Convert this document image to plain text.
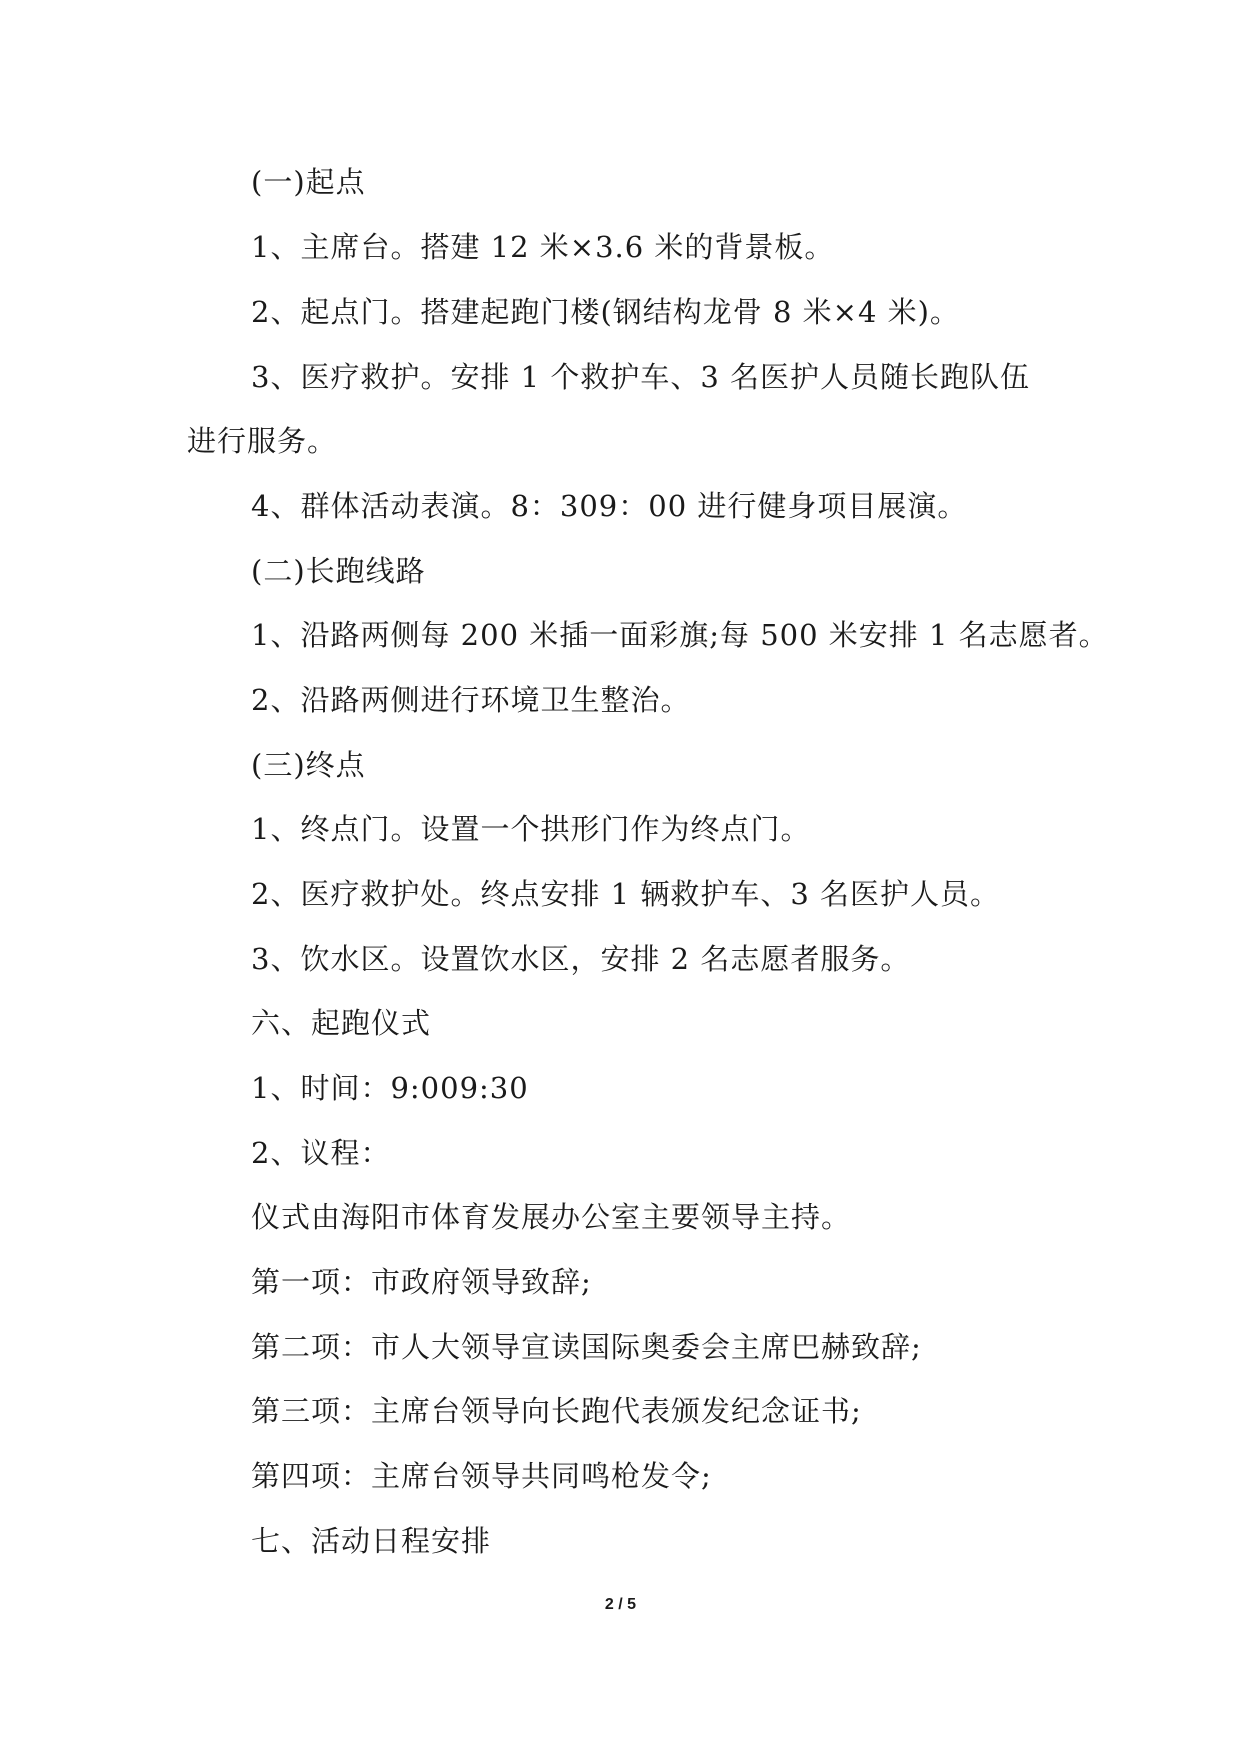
(一)起点
1、主席台。搭建 12 米×3.6 米的背景板。
2、起点门。搭建起跑门楼(钢结构龙骨 8 米×4 米)。
3、医疗救护。安排 1 个救护车、3 名医护人员随长跑队伍
进行服务。
4、群体活动表演。8：309：00 进行健身项目展演。
(二)长跑线路
1、沿路两侧每 200 米插一面彩旗;每 500 米安排 1 名志愿者。
2、沿路两侧进行环境卫生整治。
(三)终点
1、终点门。设置一个拱形门作为终点门。
2、医疗救护处。终点安排 1 辆救护车、3 名医护人员。
3、饮水区。设置饮水区，安排 2 名志愿者服务。
六、起跑仪式
1、时间：9:009:30
2、议程：
仪式由海阳市体育发展办公室主要领导主持。
第一项：市政府领导致辞;
第二项：市人大领导宣读国际奥委会主席巴赫致辞;
第三项：主席台领导向长跑代表颁发纪念证书;
第四项：主席台领导共同鸣枪发令;
七、活动日程安排
2 / 5
